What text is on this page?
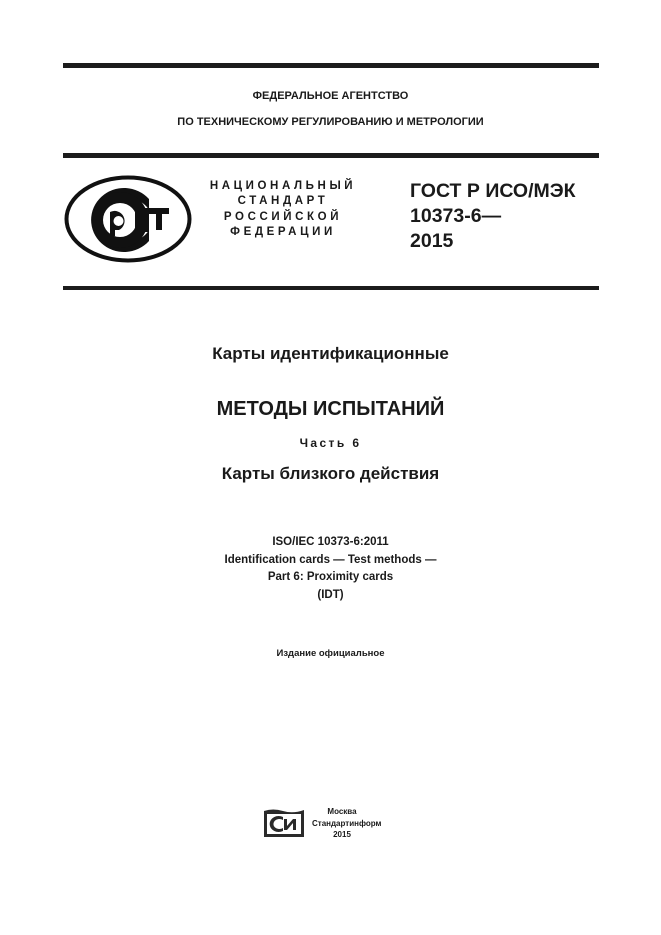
ФЕДЕРАЛЬНОЕ АГЕНТСТВО
ПО ТЕХНИЧЕСКОМУ РЕГУЛИРОВАНИЮ И МЕТРОЛОГИИ
НАЦИОНАЛЬНЫЙ
СТАНДАРТ
РОССИЙСКОЙ
ФЕДЕРАЦИИ
ГОСТ Р ИСО/МЭК
10373-6—
2015
Карты идентификационные
МЕТОДЫ ИСПЫТАНИЙ
Часть 6
Карты близкого действия
ISO/IEC 10373-6:2011
Identification cards — Test methods —
Part 6: Proximity cards
(IDT)
Издание официальное
Москва
Стандартинформ
2015
